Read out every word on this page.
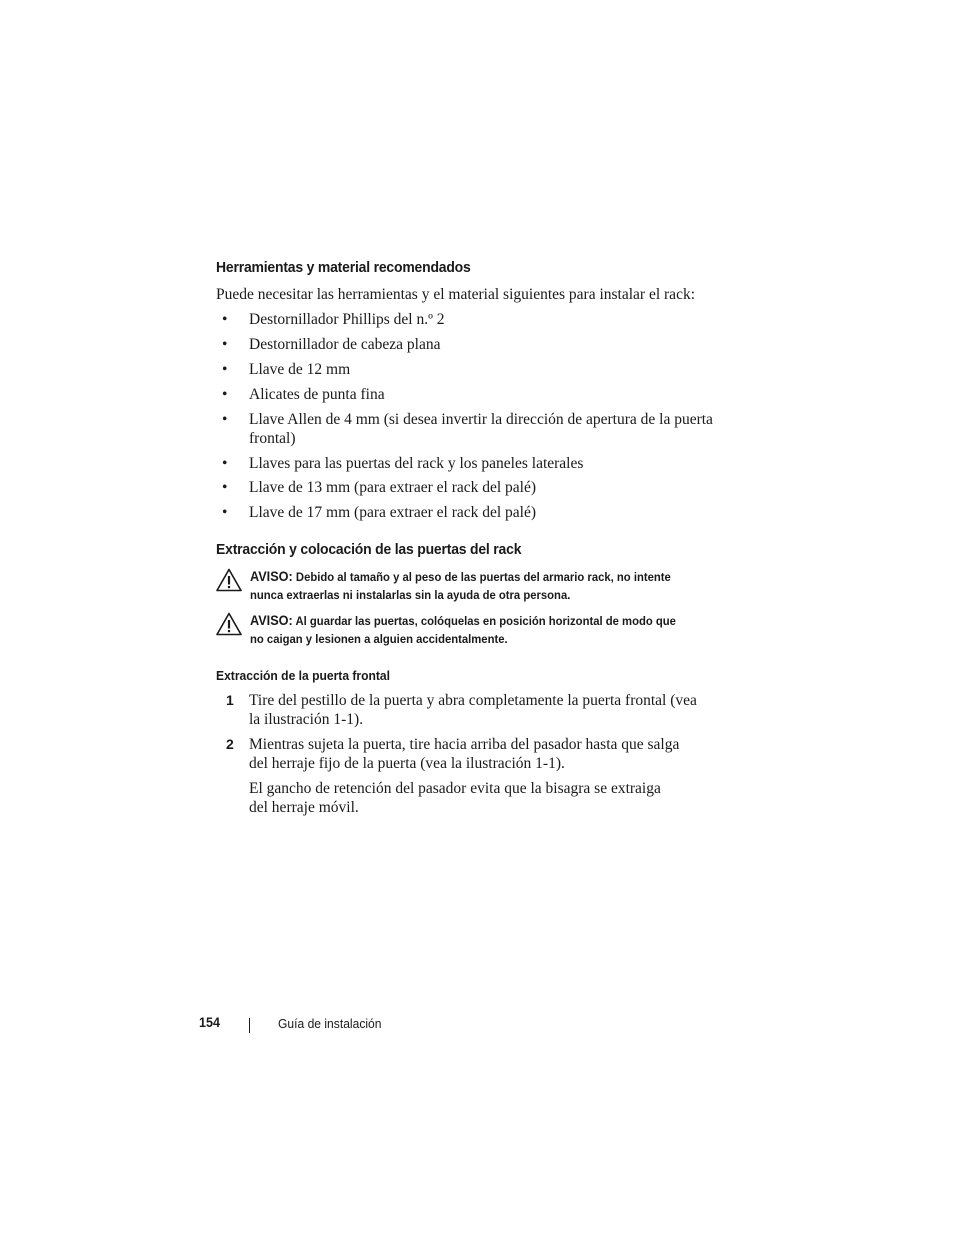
Herramientas y material recomendados

Puede necesitar las herramientas y el material siguientes para instalar el rack:

• Destornillador Phillips del n.º 2
• Destornillador de cabeza plana
• Llave de 12 mm
• Alicates de punta fina
• Llave Allen de 4 mm (si desea invertir la dirección de apertura de la puerta frontal)
• Llaves para las puertas del rack y los paneles laterales
• Llave de 13 mm (para extraer el rack del palé)
• Llave de 17 mm (para extraer el rack del palé)
Extracción y colocación de las puertas del rack
AVISO: Debido al tamaño y al peso de las puertas del armario rack, no intente nunca extraerlas ni instalarlas sin la ayuda de otra persona.
AVISO: Al guardar las puertas, colóquelas en posición horizontal de modo que no caigan y lesionen a alguien accidentalmente.
Extracción de la puerta frontal
1 Tire del pestillo de la puerta y abra completamente la puerta frontal (vea la ilustración 1-1).
2 Mientras sujeta la puerta, tire hacia arriba del pasador hasta que salga del herraje fijo de la puerta (vea la ilustración 1-1).
El gancho de retención del pasador evita que la bisagra se extraiga del herraje móvil.
154	Guía de instalación
